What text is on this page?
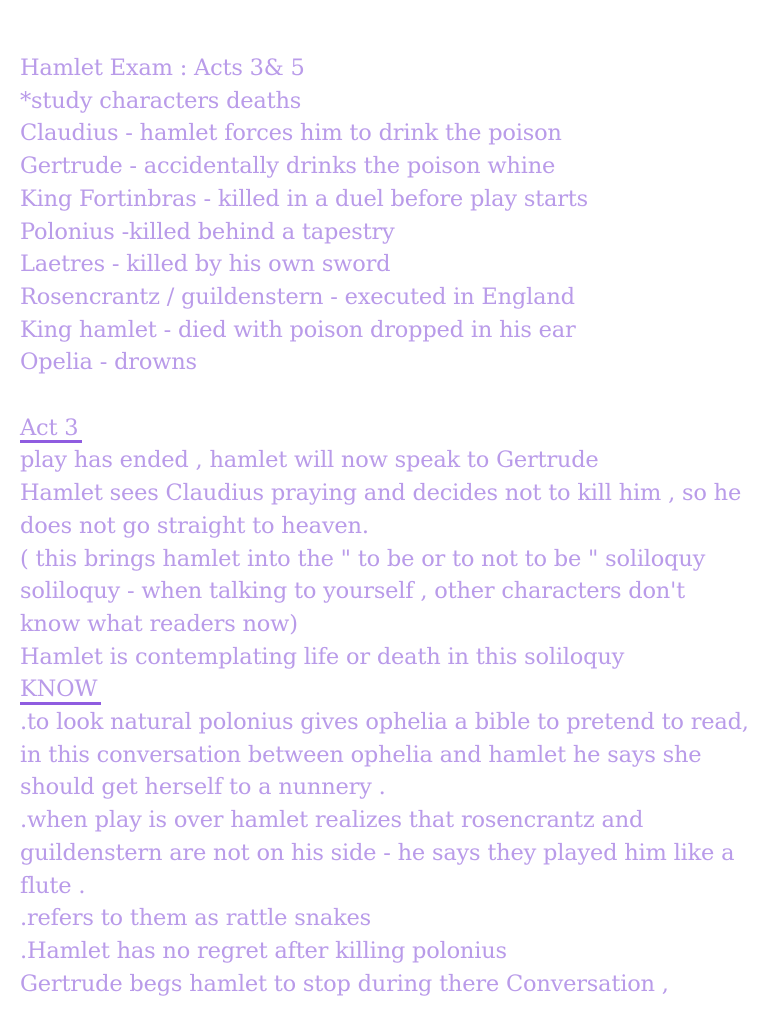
Hamlet Exam : Acts 3& 5
*study characters deaths
Claudius - hamlet forces him to drink the poison
Gertrude - accidentally drinks the poison whine
King Fortinbras - killed in a duel before play starts
Polonius -killed behind a tapestry
Laetres - killed by his own sword
Rosencrantz / guildenstern - executed in England
King hamlet - died with poison dropped in his ear
Opelia - drowns
Act 3
play has ended , hamlet will now speak to Gertrude
Hamlet sees Claudius praying and decides not to kill him , so he does not go straight to heaven.
( this brings hamlet into the " to be or to not to be " soliloquy
soliloquy - when talking to yourself , other characters don't know what readers now)
Hamlet is contemplating life or death in this soliloquy
KNOW
.to look natural polonius gives ophelia a bible to pretend to read, in this conversation between ophelia and hamlet he says she should get herself to a nunnery .
.when play is over hamlet realizes that rosencrantz and guildenstern are not on his side - he says they played him like a flute .
.refers to them as rattle snakes
.Hamlet has no regret after killing polonius
Gertrude begs hamlet to stop during there Conversation ,
